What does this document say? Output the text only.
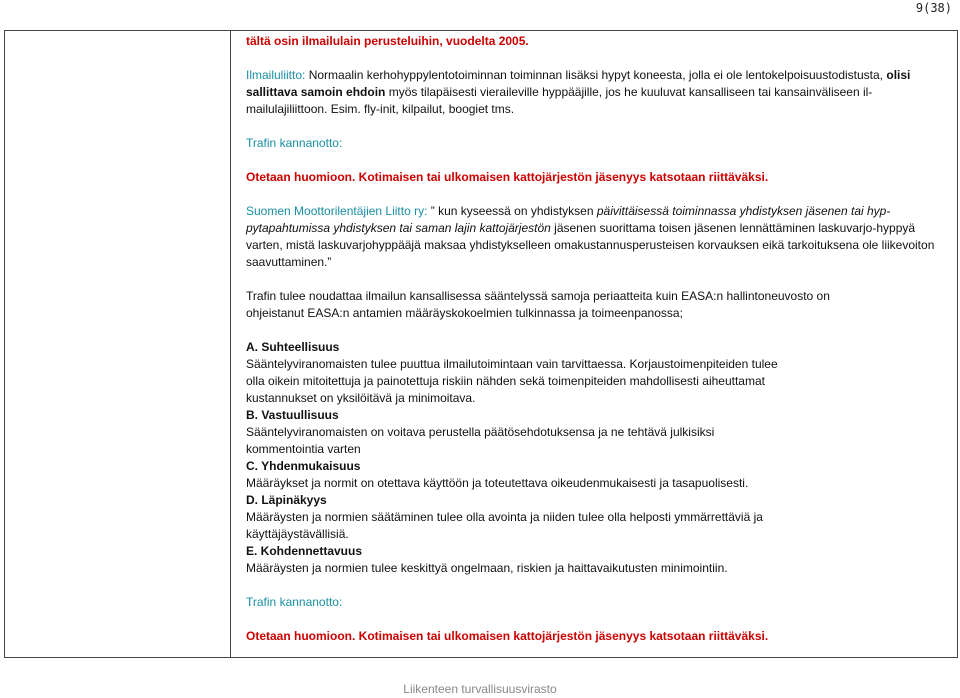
9(38)

tältä osin ilmailulain perusteluihin, vuodelta 2005.

Ilmailuliitto: Normaalin kerhohyppylentotoiminnan toiminnan lisäksi hypyt koneesta, jolla ei ole lentokelpoisuustodistusta, olisi sallittava samoin ehdoin myös tilapäisesti vieraileville hyppääjille, jos he kuuluvat kansalliseen tai kansainväliseen il-mailulajiliittoon. Esim. fly-init, kilpailut, boogiet tms.

Trafin kannanotto:

Otetaan huomioon. Kotimaisen tai ulkomaisen kattojärjestön jäsenyys katsotaan riittäväksi.

Suomen Moottorilentäjien Liitto ry: ” kun kyseessä on yhdistyksen päivittäisessä toiminnassa yhdistyksen jäsenen tai hyp-pytapahtumissa yhdistyksen tai saman lajin kattojärjestön jäsenen suorittama toisen jäsenen lennättäminen laskuvarjo-hyppyä varten, mistä laskuvarjohyppääjä maksaa yhdistykselleen omakustannusperusteisen korvauksen eikä tarkoituksena ole liikevoiton saavuttaminen.”

Trafin tulee noudattaa ilmailun kansallisessa sääntelyssä samoja periaatteita kuin EASA:n hallintoneuvosto on ohjeistanut EASA:n antamien määräyskokoelmien tulkinnassa ja toimeenpanossa;

A. Suhteellisuus

Sääntelyviranomaisten tulee puuttua ilmailutoimintaan vain tarvittaessa. Korjaustoimenpiteiden tulee olla oikein mitoitettuja ja painotettuja riskiin nähden sekä toimenpiteiden mahdollisesti aiheuttamat kustannukset on yksilöitävä ja minimoitava.

B. Vastuullisuus

Sääntelyviranomaisten on voitava perustella päätösehdotuksensa ja ne tehtävä julkisiksi kommentointia varten

C. Yhdenmukaisuus

Määräykset ja normit on otettava käyttöön ja toteutettava oikeudenmukaisesti ja tasapuolisesti.

D. Läpinäkyys

Määräysten ja normien säätäminen tulee olla avointa ja niiden tulee olla helposti ymmärrettäviä ja käyttäjäystävällisiä.

E. Kohdennettavuus

Määräysten ja normien tulee keskittyä ongelmaan, riskien ja haittavaikutusten minimointiin.

Trafin kannanotto:

Otetaan huomioon. Kotimaisen tai ulkomaisen kattojärjestön jäsenyys katsotaan riittäväksi.

Liikenteen turvallisuusvirasto
